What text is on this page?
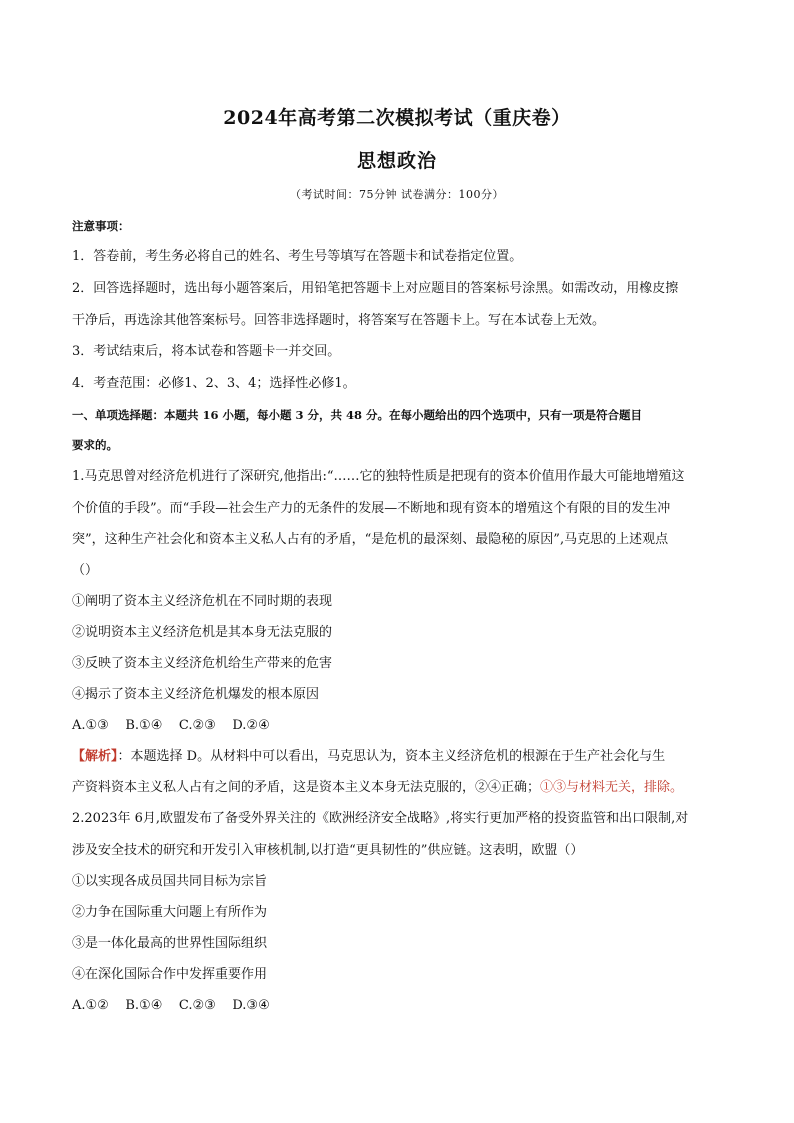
2024年高考第二次模拟考试（重庆卷）
思想政治
（考试时间：75分钟 试卷满分：100分）
注意事项：
1．答卷前，考生务必将自己的姓名、考生号等填写在答题卡和试卷指定位置。
2．回答选择题时，选出每小题答案后，用铅笔把答题卡上对应题目的答案标号涂黑。如需改动，用橡皮擦
干净后，再选涂其他答案标号。回答非选择题时，将答案写在答题卡上。写在本试卷上无效。
3．考试结束后，将本试卷和答题卡一并交回。
4．考查范围：必修1、2、3、4；选择性必修1。
一、单项选择题：本题共 16 小题，每小题 3 分，共 48 分。在每小题给出的四个选项中，只有一项是符合题目
要求的。
1.马克思曾对经济危机进行了深研究,他指出:“……它的独特性质是把现有的资本价值用作最大可能地增殖这
个价值的手段”。而“手段—社会生产力的无条件的发展—不断地和现有资本的增殖这个有限的目的发生冲
突”，这种生产社会化和资本主义私人占有的矛盾，“是危机的最深刻、最隐秘的原因”,马克思的上述观点
（）
①阐明了资本主义经济危机在不同时期的表现
②说明资本主义经济危机是其本身无法克服的
③反映了资本主义经济危机给生产带来的危害
④揭示了资本主义经济危机爆发的根本原因
A.①③    B.①④    C.②③    D.②④
【解析】：本题选择 D。从材料中可以看出，马克思认为，资本主义经济危机的根源在于生产社会化与生
产资料资本主义私人占有之间的矛盾，这是资本主义本身无法克服的，②④正确；①③与材料无关，排除。
2.2023年 6月,欧盟发布了备受外界关注的《欧洲经济安全战略》,将实行更加严格的投资监管和出口限制,对
涉及安全技术的研究和开发引入审核机制,以打造“更具韧性的”供应链。这表明，欧盟（）
①以实现各成员国共同目标为宗旨
②力争在国际重大问题上有所作为
③是一体化最高的世界性国际组织
④在深化国际合作中发挥重要作用
A.①②    B.①④    C.②③    D.③④
